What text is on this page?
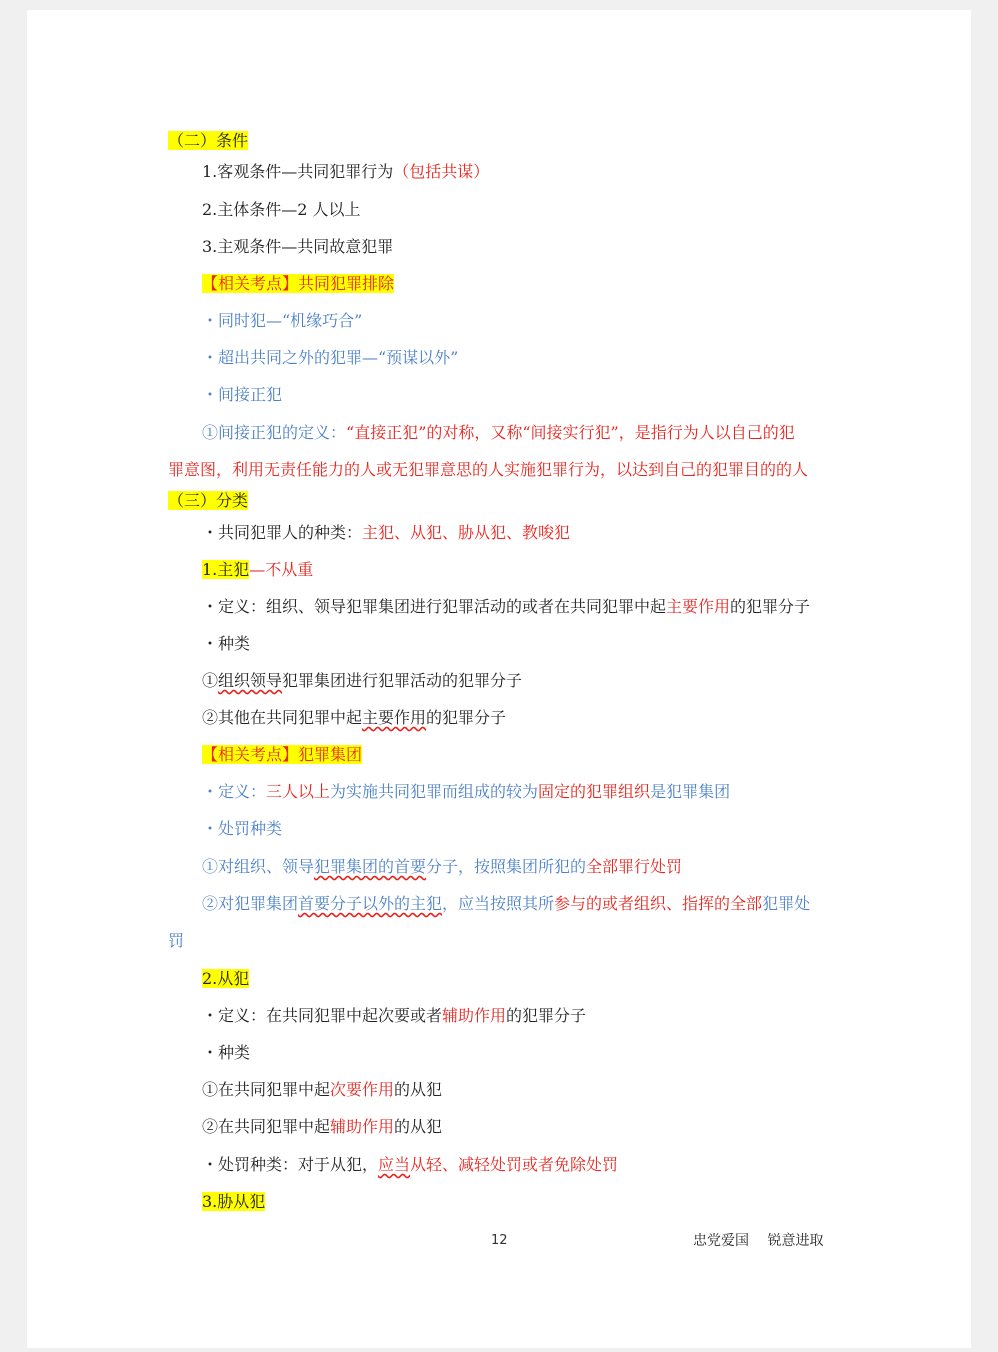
（二）条件
1.客观条件—共同犯罪行为（包括共谋）
2.主体条件—2 人以上
3.主观条件—共同故意犯罪
【相关考点】共同犯罪排除
・同时犯—“机缘巧合”
・超出共同之外的犯罪—“预谋以外”
・间接正犯
①间接正犯的定义：“直接正犯”的对称，又称“间接实行犯”，是指行为人以自己的犯
罪意图，利用无责任能力的人或无犯罪意思的人实施犯罪行为，以达到自己的犯罪目的的人
（三）分类
・共同犯罪人的种类：主犯、从犯、胁从犯、教唆犯
1.主犯—不从重
・定义：组织、领导犯罪集团进行犯罪活动的或者在共同犯罪中起主要作用的犯罪分子
・种类
①组织领导犯罪集团进行犯罪活动的犯罪分子
②其他在共同犯罪中起主要作用的犯罪分子
【相关考点】犯罪集团
・定义：三人以上为实施共同犯罪而组成的较为固定的犯罪组织是犯罪集团
・处罚种类
①对组织、领导犯罪集团的首要分子，按照集团所犯的全部罪行处罚
②对犯罪集团首要分子以外的主犯，应当按照其所参与的或者组织、指挥的全部犯罪处
罚
2.从犯
・定义：在共同犯罪中起次要或者辅助作用的犯罪分子
・种类
①在共同犯罪中起次要作用的从犯
②在共同犯罪中起辅助作用的从犯
・处罚种类：对于从犯，应当从轻、减轻处罚或者免除处罚
3.胁从犯
12	忠党爱国　 锐意进取
